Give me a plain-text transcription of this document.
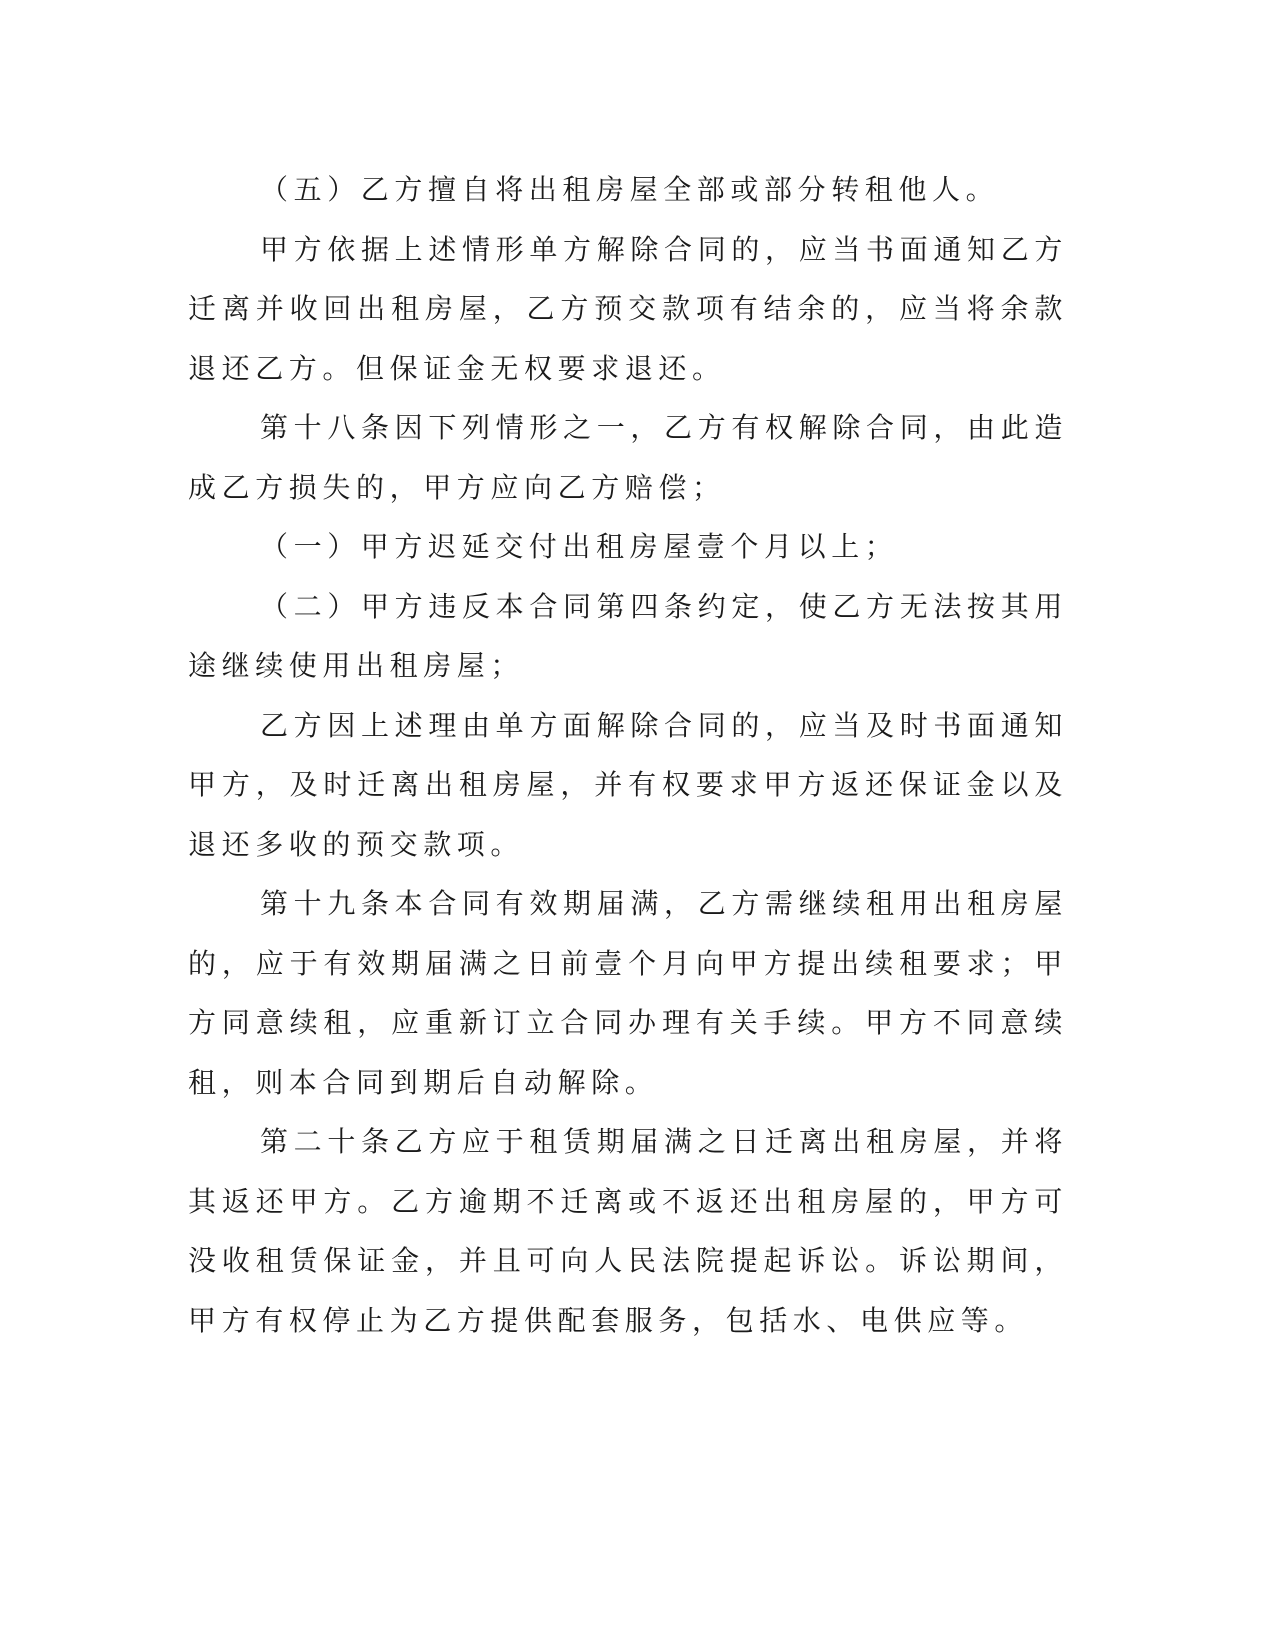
（五）乙方擅自将出租房屋全部或部分转租他人。

甲方依据上述情形单方解除合同的，应当书面通知乙方迁离并收回出租房屋，乙方预交款项有结余的，应当将余款退还乙方。但保证金无权要求退还。

第十八条因下列情形之一，乙方有权解除合同，由此造成乙方损失的，甲方应向乙方赔偿；

（一）甲方迟延交付出租房屋壹个月以上；

（二）甲方违反本合同第四条约定，使乙方无法按其用途继续使用出租房屋；

乙方因上述理由单方面解除合同的，应当及时书面通知甲方，及时迁离出租房屋，并有权要求甲方返还保证金以及退还多收的预交款项。

第十九条本合同有效期届满，乙方需继续租用出租房屋的，应于有效期届满之日前壹个月向甲方提出续租要求；甲方同意续租，应重新订立合同办理有关手续。甲方不同意续租，则本合同到期后自动解除。

第二十条乙方应于租赁期届满之日迁离出租房屋，并将其返还甲方。乙方逾期不迁离或不返还出租房屋的，甲方可没收租赁保证金，并且可向人民法院提起诉讼。诉讼期间，甲方有权停止为乙方提供配套服务，包括水、电供应等。
